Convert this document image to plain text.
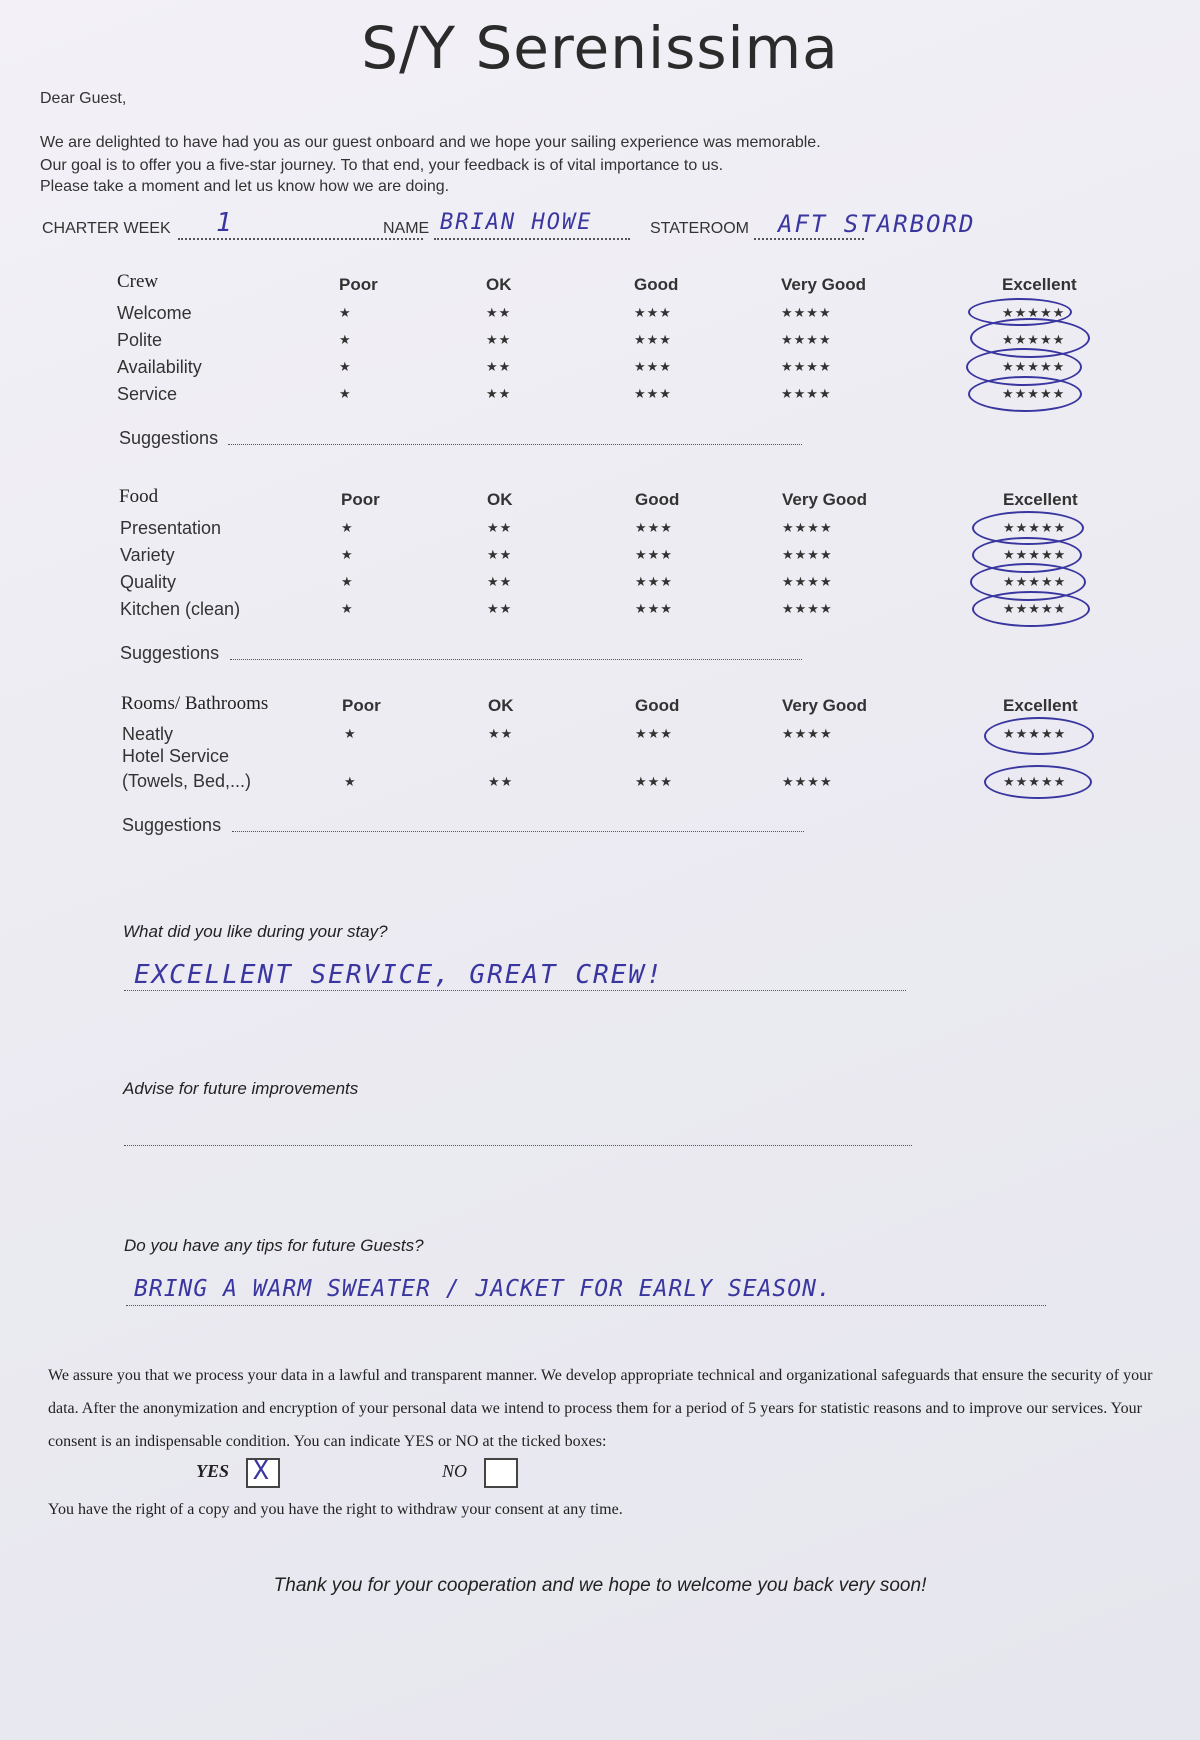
S/Y Serenissima
Dear Guest,
We are delighted to have had you as our guest onboard and we hope your sailing experience was memorable.
Our goal is to offer you a five-star journey. To that end, your feedback is of vital importance to us.
Please take a moment and let us know how we are doing.
CHARTER WEEK 1	NAME BRIAN HOWE	STATEROOM AFT STARBORD
Crew	Poor	OK	Good	Very Good	Excellent
Welcome	★	★★	★★★	★★★★	★★★★★
Polite	★	★★	★★★	★★★★	★★★★★
Availability	★	★★	★★★	★★★★	★★★★★
Service	★	★★	★★★	★★★★	★★★★★
Suggestions
Food	Poor	OK	Good	Very Good	Excellent
Presentation	★	★★	★★★	★★★★	★★★★★
Variety	★	★★	★★★	★★★★	★★★★★
Quality	★	★★	★★★	★★★★	★★★★★
Kitchen (clean)	★	★★	★★★	★★★★	★★★★★
Suggestions
Rooms/ Bathrooms	Poor	OK	Good	Very Good	Excellent
Neatly	★	★★	★★★	★★★★	★★★★★
Hotel Service
(Towels, Bed,...)	★	★★	★★★	★★★★	★★★★★
Suggestions
What did you like during your stay?
EXCELLENT SERVICE, GREAT CREW!
Advise for future improvements
Do you have any tips for future Guests?
BRING A WARM SWEATER / JACKET FOR EARLY SEASON.
We assure you that we process your data in a lawful and transparent manner. We develop appropriate technical and organizational safeguards that ensure the security of your data. After the anonymization and encryption of your personal data we intend to process them for a period of 5 years for statistic reasons and to improve our services. Your consent is an indispensable condition. You can indicate YES or NO at the ticked boxes:
YES X	NO
You have the right of a copy and you have the right to withdraw your consent at any time.
Thank you for your cooperation and we hope to welcome you back very soon!
